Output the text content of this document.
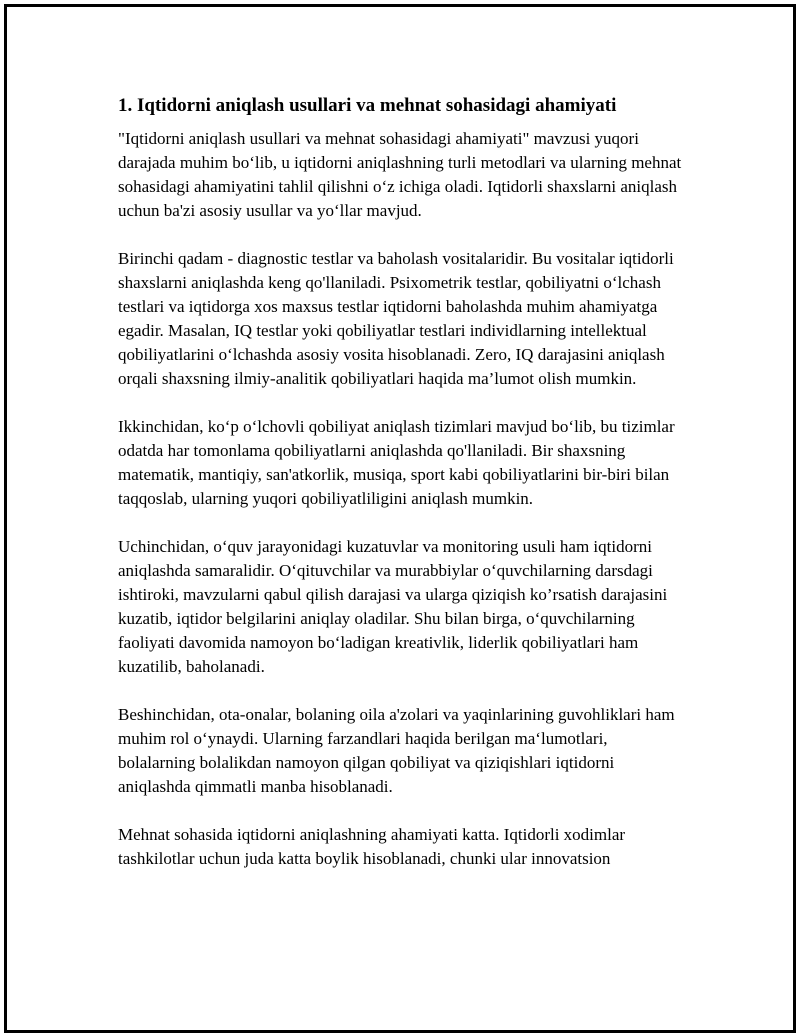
1. Iqtidorni aniqlash usullari va mehnat sohasidagi ahamiyati

"Iqtidorni aniqlash usullari va mehnat sohasidagi ahamiyati" mavzusi yuqori darajada muhim bo‘lib, u iqtidorni aniqlashning turli metodlari va ularning mehnat sohasidagi ahamiyatini tahlil qilishni o‘z ichiga oladi. Iqtidorli shaxslarni aniqlash uchun ba'zi asosiy usullar va yo‘llar mavjud.

Birinchi qadam - diagnostic testlar va baholash vositalaridir. Bu vositalar iqtidorli shaxslarni aniqlashda keng qo'llaniladi. Psixometrik testlar, qobiliyatni o‘lchash testlari va iqtidorga xos maxsus testlar iqtidorni baholashda muhim ahamiyatga egadir. Masalan, IQ testlar yoki qobiliyatlar testlari individlarning intellektual qobiliyatlarini o‘lchashda asosiy vosita hisoblanadi. Zero, IQ darajasini aniqlash orqali shaxsning ilmiy-analitik qobiliyatlari haqida ma’lumot olish mumkin.

Ikkinchidan, ko‘p o‘lchovli qobiliyat aniqlash tizimlari mavjud bo‘lib, bu tizimlar odatda har tomonlama qobiliyatlarni aniqlashda qo'llaniladi. Bir shaxsning matematik, mantiqiy, san'atkorlik, musiqa, sport kabi qobiliyatlarini bir-biri bilan taqqoslab, ularning yuqori qobiliyatliligini aniqlash mumkin.

Uchinchidan, o‘quv jarayonidagi kuzatuvlar va monitoring usuli ham iqtidorni aniqlashda samaralidir. O‘qituvchilar va murabbiylar o‘quvchilarning darsdagi ishtiroki, mavzularni qabul qilish darajasi va ularga qiziqish ko’rsatish darajasini kuzatib, iqtidor belgilarini aniqlay oladilar. Shu bilan birga, o‘quvchilarning faoliyati davomida namoyon bo‘ladigan kreativlik, liderlik qobiliyatlari ham kuzatilib, baholanadi.

Beshinchidan, ota-onalar, bolaning oila a'zolari va yaqinlarining guvohliklari ham muhim rol o‘ynaydi. Ularning farzandlari haqida berilgan ma‘lumotlari, bolalarning bolalikdan namoyon qilgan qobiliyat va qiziqishlari iqtidorni aniqlashda qimmatli manba hisoblanadi.

Mehnat sohasida iqtidorni aniqlashning ahamiyati katta. Iqtidorli xodimlar tashkilotlar uchun juda katta boylik hisoblanadi, chunki ular innovatsion
